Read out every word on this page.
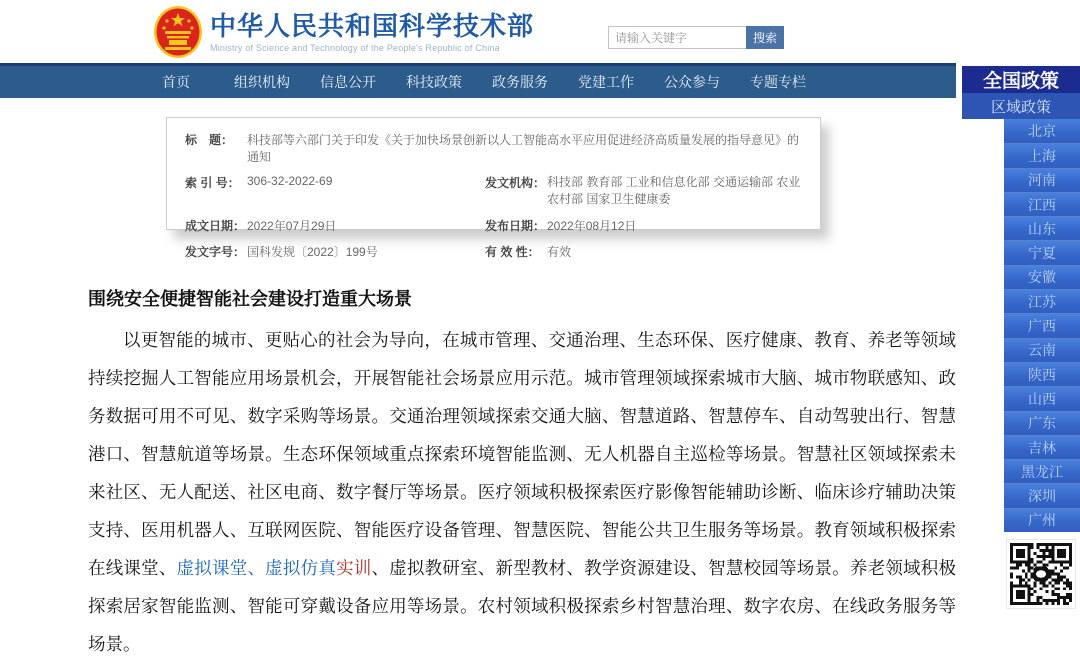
中华人民共和国科学技术部
Ministry of Science and Technology of the People's Republic of China
请输入关键字
搜索
首页	组织机构	信息公开	科技政策	政务服务	党建工作	公众参与	专题专栏	全国政策
区域政策
北京
上海
河南
江西
山东
宁夏
安徽
江苏
广西
云南
陕西
山西
广东
吉林
黑龙江
深圳
广州
标　题：	科技部等六部门关于印发《关于加快场景创新以人工智能高水平应用促进经济高质量发展的指导意见》的通知
索 引 号： 306-32-2022-69	发文机构： 科技部 教育部 工业和信息化部 交通运输部 农业农村部 国家卫生健康委
成文日期： 2022年07月29日	发布日期： 2022年08月12日
发文字号： 国科发规〔2022〕199号	有 效 性： 有效
围绕安全便捷智能社会建设打造重大场景

以更智能的城市、更贴心的社会为导向，在城市管理、交通治理、生态环保、医疗健康、教育、养老等领域持续挖掘人工智能应用场景机会，开展智能社会场景应用示范。城市管理领域探索城市大脑、城市物联感知、政务数据可用不可见、数字采购等场景。交通治理领域探索交通大脑、智慧道路、智慧停车、自动驾驶出行、智慧港口、智慧航道等场景。生态环保领域重点探索环境智能监测、无人机器自主巡检等场景。智慧社区领域探索未来社区、无人配送、社区电商、数字餐厅等场景。医疗领域积极探索医疗影像智能辅助诊断、临床诊疗辅助决策支持、医用机器人、互联网医院、智能医疗设备管理、智慧医院、智能公共卫生服务等场景。教育领域积极探索在线课堂、虚拟课堂、虚拟仿真实训、虚拟教研室、新型教材、教学资源建设、智慧校园等场景。养老领域积极探索居家智能监测、智能可穿戴设备应用等场景。农村领域积极探索乡村智慧治理、数字农房、在线政务服务等场景。
